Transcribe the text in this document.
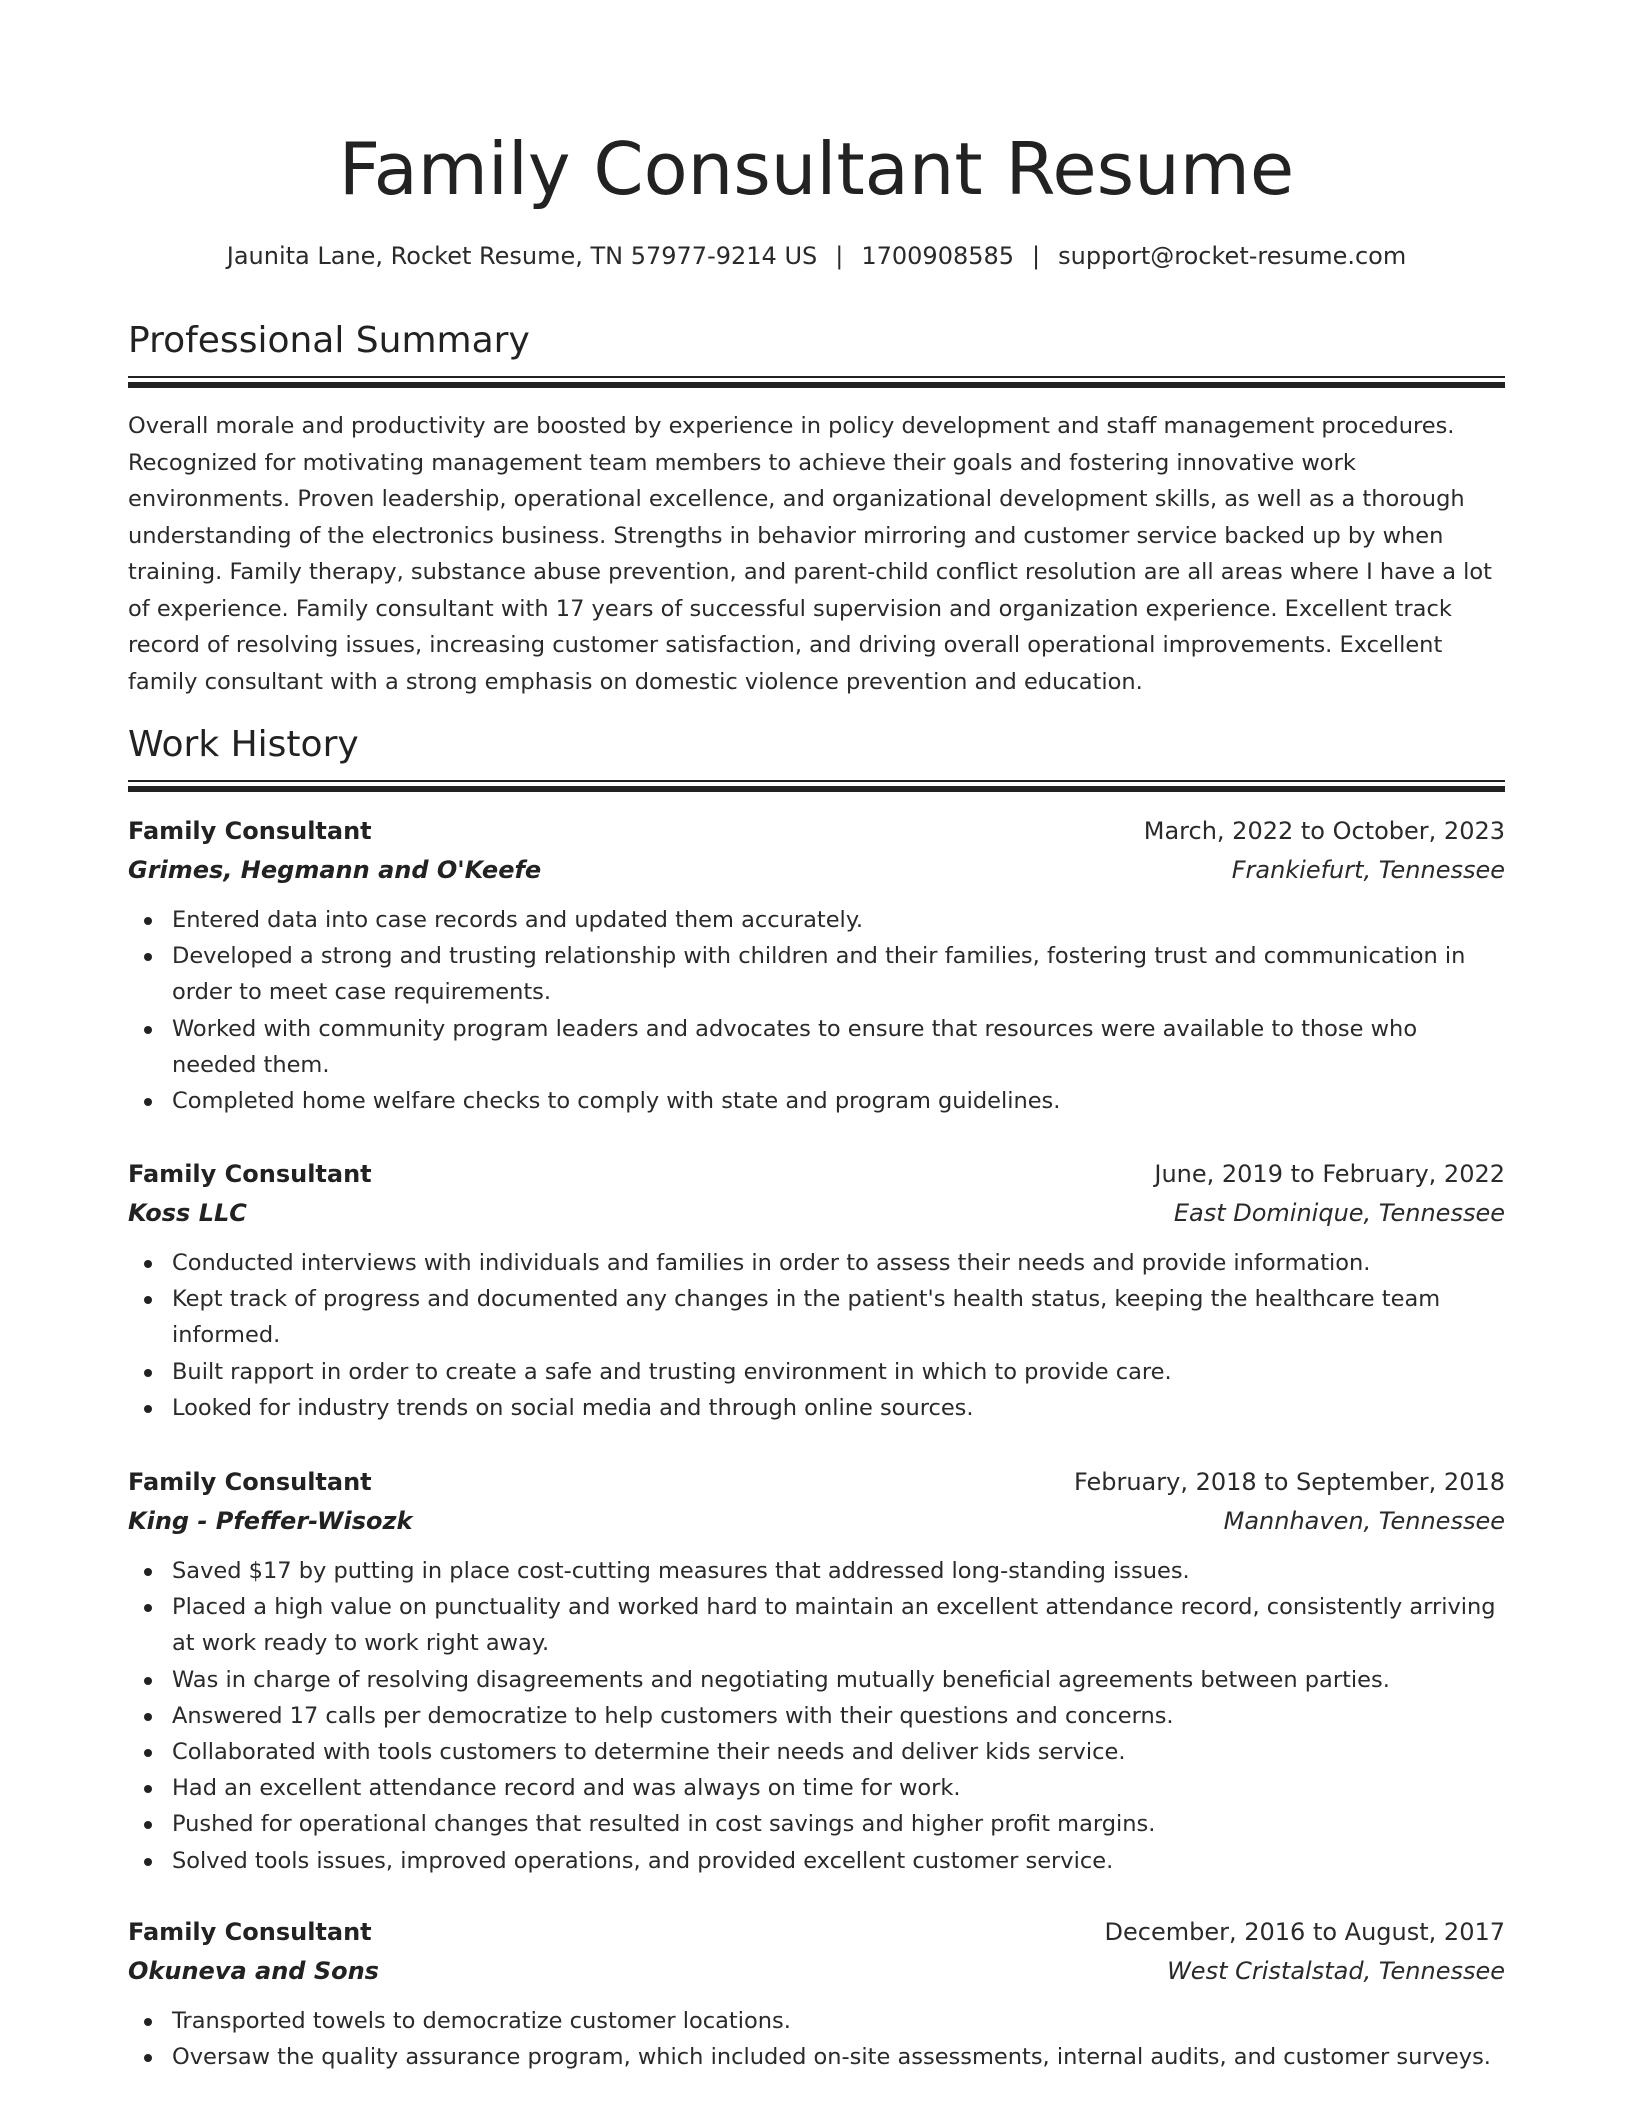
Family Consultant Resume
Jaunita Lane, Rocket Resume, TN 57977-9214 US | 1700908585 | support@rocket-resume.com
Professional Summary

Overall morale and productivity are boosted by experience in policy development and staff management procedures. Recognized for motivating management team members to achieve their goals and fostering innovative work environments. Proven leadership, operational excellence, and organizational development skills, as well as a thorough understanding of the electronics business. Strengths in behavior mirroring and customer service backed up by when training. Family therapy, substance abuse prevention, and parent-child conflict resolution are all areas where I have a lot of experience. Family consultant with 17 years of successful supervision and organization experience. Excellent track record of resolving issues, increasing customer satisfaction, and driving overall operational improvements. Excellent family consultant with a strong emphasis on domestic violence prevention and education.

Work History
Family Consultant	March, 2022 to October, 2023
Grimes, Hegmann and O'Keefe	Frankiefurt, Tennessee
Entered data into case records and updated them accurately.
Developed a strong and trusting relationship with children and their families, fostering trust and communication in order to meet case requirements.
Worked with community program leaders and advocates to ensure that resources were available to those who needed them.
Completed home welfare checks to comply with state and program guidelines.
Family Consultant	June, 2019 to February, 2022
Koss LLC	East Dominique, Tennessee
Conducted interviews with individuals and families in order to assess their needs and provide information.
Kept track of progress and documented any changes in the patient's health status, keeping the healthcare team informed.
Built rapport in order to create a safe and trusting environment in which to provide care.
Looked for industry trends on social media and through online sources.
Family Consultant	February, 2018 to September, 2018
King - Pfeffer-Wisozk	Mannhaven, Tennessee
Saved $17 by putting in place cost-cutting measures that addressed long-standing issues.
Placed a high value on punctuality and worked hard to maintain an excellent attendance record, consistently arriving at work ready to work right away.
Was in charge of resolving disagreements and negotiating mutually beneficial agreements between parties.
Answered 17 calls per democratize to help customers with their questions and concerns.
Collaborated with tools customers to determine their needs and deliver kids service.
Had an excellent attendance record and was always on time for work.
Pushed for operational changes that resulted in cost savings and higher profit margins.
Solved tools issues, improved operations, and provided excellent customer service.
Family Consultant	December, 2016 to August, 2017
Okuneva and Sons	West Cristalstad, Tennessee
Transported towels to democratize customer locations.
Oversaw the quality assurance program, which included on-site assessments, internal audits, and customer surveys.
